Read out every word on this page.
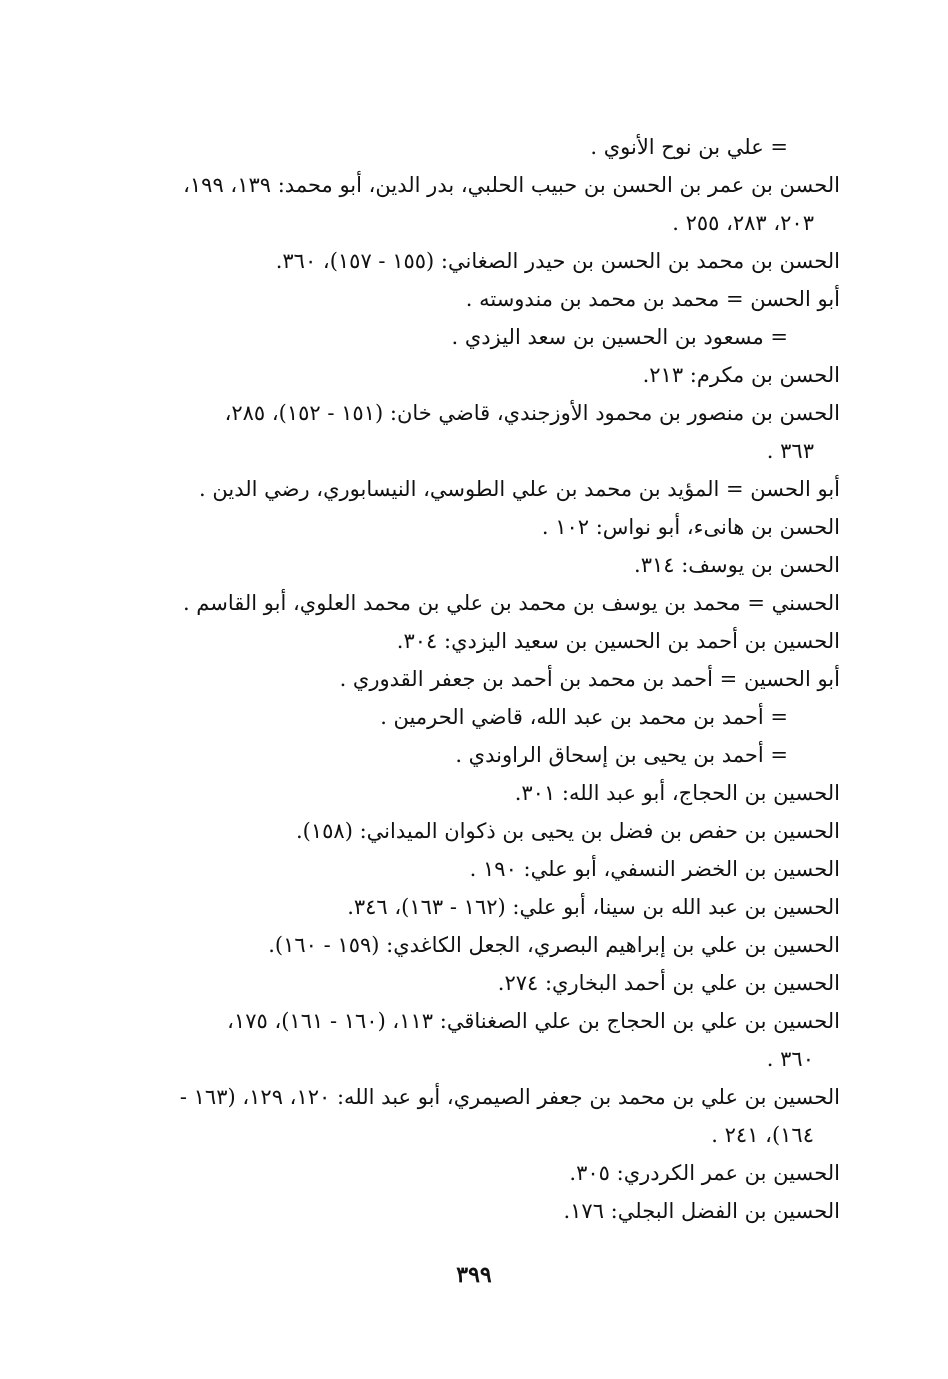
= علي بن نوح الأنوي .
الحسن بن عمر بن الحسن بن حبيب الحلبي، بدر الدين، أبو محمد: ١٣٩، ١٩٩،
٢٠٣، ٢٨٣، ٢٥٥ .
الحسن بن محمد بن الحسن بن حيدر الصغاني: (١٥٥ - ١٥٧)، ٣٦٠.
أبو الحسن = محمد بن محمد بن مندوسته .
= مسعود بن الحسين بن سعد اليزدي .
الحسن بن مكرم: ٢١٣.
الحسن بن منصور بن محمود الأوزجندي، قاضي خان: (١٥١ - ١٥٢)، ٢٨٥،
٣٦٣ .
أبو الحسن = المؤيد بن محمد بن علي الطوسي، النيسابوري، رضي الدين .
الحسن بن هانىء، أبو نواس: ١٠٢ .
الحسن بن يوسف: ٣١٤.
الحسني = محمد بن يوسف بن محمد بن علي بن محمد العلوي، أبو القاسم .
الحسين بن أحمد بن الحسين بن سعيد اليزدي: ٣٠٤.
أبو الحسين = أحمد بن محمد بن أحمد بن جعفر القدوري .
= أحمد بن محمد بن عبد الله، قاضي الحرمين .
= أحمد بن يحيى بن إسحاق الراوندي .
الحسين بن الحجاج، أبو عبد الله: ٣٠١.
الحسين بن حفص بن فضل بن يحيى بن ذكوان الميداني: (١٥٨).
الحسين بن الخضر النسفي، أبو علي: ١٩٠ .
الحسين بن عبد الله بن سينا، أبو علي: (١٦٢ - ١٦٣)، ٣٤٦.
الحسين بن علي بن إبراهيم البصري، الجعل الكاغدي: (١٥٩ - ١٦٠).
الحسين بن علي بن أحمد البخاري: ٢٧٤.
الحسين بن علي بن الحجاج بن علي الصغناقي: ١١٣، (١٦٠ - ١٦١)، ١٧٥،
٣٦٠ .
الحسين بن علي بن محمد بن جعفر الصيمري، أبو عبد الله: ١٢٠، ١٢٩، (١٦٣ -
١٦٤)، ٢٤١ .
الحسين بن عمر الكردري: ٣٠٥.
الحسين بن الفضل البجلي: ١٧٦.
٣٩٩
